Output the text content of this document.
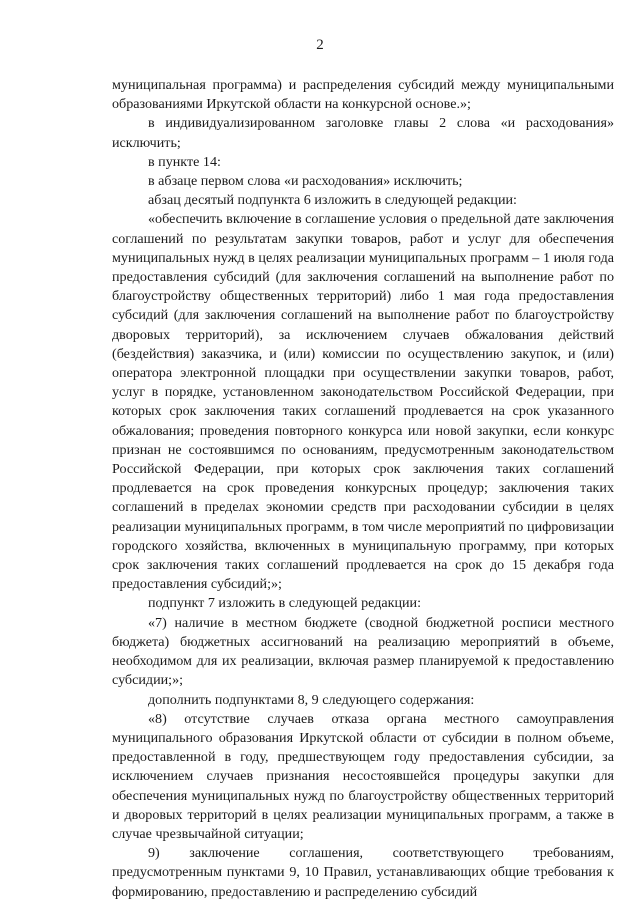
2

муниципальная программа) и распределения субсидий между муниципальными образованиями Иркутской области на конкурсной основе.»;

в индивидуализированном заголовке главы 2 слова «и расходования» исключить;

в пункте 14:

в абзаце первом слова «и расходования» исключить;

абзац десятый подпункта 6 изложить в следующей редакции:

«обеспечить включение в соглашение условия о предельной дате заключения соглашений по результатам закупки товаров, работ и услуг для обеспечения муниципальных нужд в целях реализации муниципальных программ – 1 июля года предоставления субсидий (для заключения соглашений на выполнение работ по благоустройству общественных территорий) либо 1 мая года предоставления субсидий (для заключения соглашений на выполнение работ по благоустройству дворовых территорий), за исключением случаев обжалования действий (бездействия) заказчика, и (или) комиссии по осуществлению закупок, и (или) оператора электронной площадки при осуществлении закупки товаров, работ, услуг в порядке, установленном законодательством Российской Федерации, при которых срок заключения таких соглашений продлевается на срок указанного обжалования; проведения повторного конкурса или новой закупки, если конкурс признан не состоявшимся по основаниям, предусмотренным законодательством Российской Федерации, при которых срок заключения таких соглашений продлевается на срок проведения конкурсных процедур; заключения таких соглашений в пределах экономии средств при расходовании субсидии в целях реализации муниципальных программ, в том числе мероприятий по цифровизации городского хозяйства, включенных в муниципальную программу, при которых срок заключения таких соглашений продлевается на срок до 15 декабря года предоставления субсидий;»;

подпункт 7 изложить в следующей редакции:

«7) наличие в местном бюджете (сводной бюджетной росписи местного бюджета) бюджетных ассигнований на реализацию мероприятий в объеме, необходимом для их реализации, включая размер планируемой к предоставлению субсидии;»;

дополнить подпунктами 8, 9 следующего содержания:

«8) отсутствие случаев отказа органа местного самоуправления муниципального образования Иркутской области от субсидии в полном объеме, предоставленной в году, предшествующем году предоставления субсидии, за исключением случаев признания несостоявшейся процедуры закупки для обеспечения муниципальных нужд по благоустройству общественных территорий и дворовых территорий в целях реализации муниципальных программ, а также в случае чрезвычайной ситуации;

9) заключение соглашения, соответствующего требованиям, предусмотренным пунктами 9, 10 Правил, устанавливающих общие требования к формированию, предоставлению и распределению субсидий
